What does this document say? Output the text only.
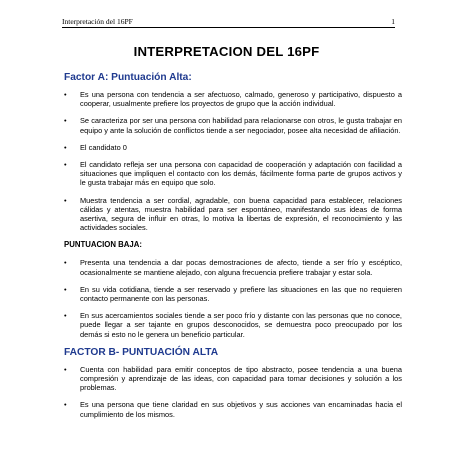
Interpretación del 16PF	1
INTERPRETACION DEL 16PF
Factor A: Puntuación Alta:
• Es una persona con tendencia a ser afectuoso, calmado, generoso y participativo, dispuesto a cooperar, usualmente prefiere los proyectos de grupo que la acción individual.
• Se caracteriza por ser una persona con habilidad para relacionarse con otros, le gusta trabajar en equipo y ante la solución de conflictos tiende a ser negociador, posee alta necesidad de afiliación.
• El candidato 0
• El candidato refleja ser una persona con capacidad de cooperación y adaptación con facilidad a situaciones que impliquen el contacto con los demás, fácilmente forma parte de grupos activos y le gusta trabajar más en equipo que solo.
• Muestra tendencia a ser cordial, agradable, con buena capacidad para establecer, relaciones cálidas y atentas, muestra habilidad para ser espontáneo, manifestando sus ideas de forma asertiva, segura de influir en otras, lo motiva la libertas de expresión, el reconocimiento y las actividades sociales.
PUNTUACION BAJA:
• Presenta una tendencia a dar pocas demostraciones de afecto, tiende a ser frío y escéptico, ocasionalmente se mantiene alejado, con alguna frecuencia prefiere trabajar y estar sola.
• En su vida cotidiana, tiende a ser reservado y prefiere las situaciones en las que no requieren contacto permanente con las personas.
• En sus acercamientos sociales tiende a ser poco frío y distante con las personas que no conoce, puede llegar a ser tajante en grupos desconocidos, se demuestra poco preocupado por los demás si esto no le genera un beneficio particular.
FACTOR B- PUNTUACIÓN ALTA
• Cuenta con habilidad para emitir conceptos de tipo abstracto, posee tendencia a una buena compresión y aprendizaje de las ideas, con capacidad para tomar decisiones y solución a los problemas.
• Es una persona que tiene claridad en sus objetivos y sus acciones van encaminadas hacia el cumplimiento de los mismos.
